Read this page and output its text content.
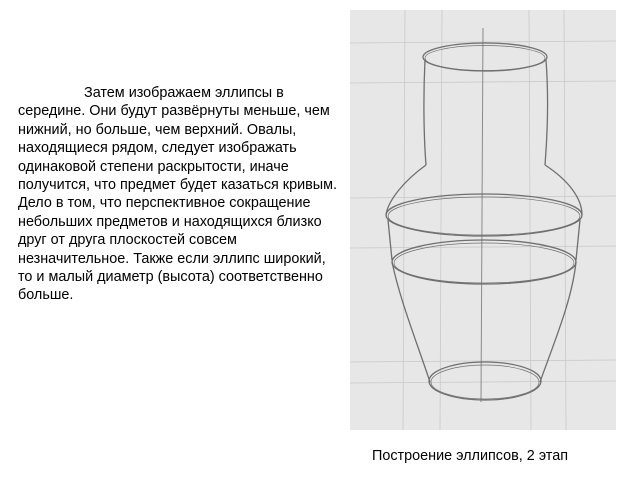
Затем изображаем эллипсы в середине. Они будут развёрнуты меньше, чем нижний, но больше, чем верхний. Овалы, находящиеся рядом, следует изображать одинаковой степени раскрытости, иначе получится, что предмет будет казаться кривым. Дело в том, что перспективное сокращение небольших предметов и находящихся близко друг от друга плоскостей совсем незначительное. Также если эллипс широкий, то и малый диаметр (высота) соответственно больше.

Построение эллипсов, 2 этап
